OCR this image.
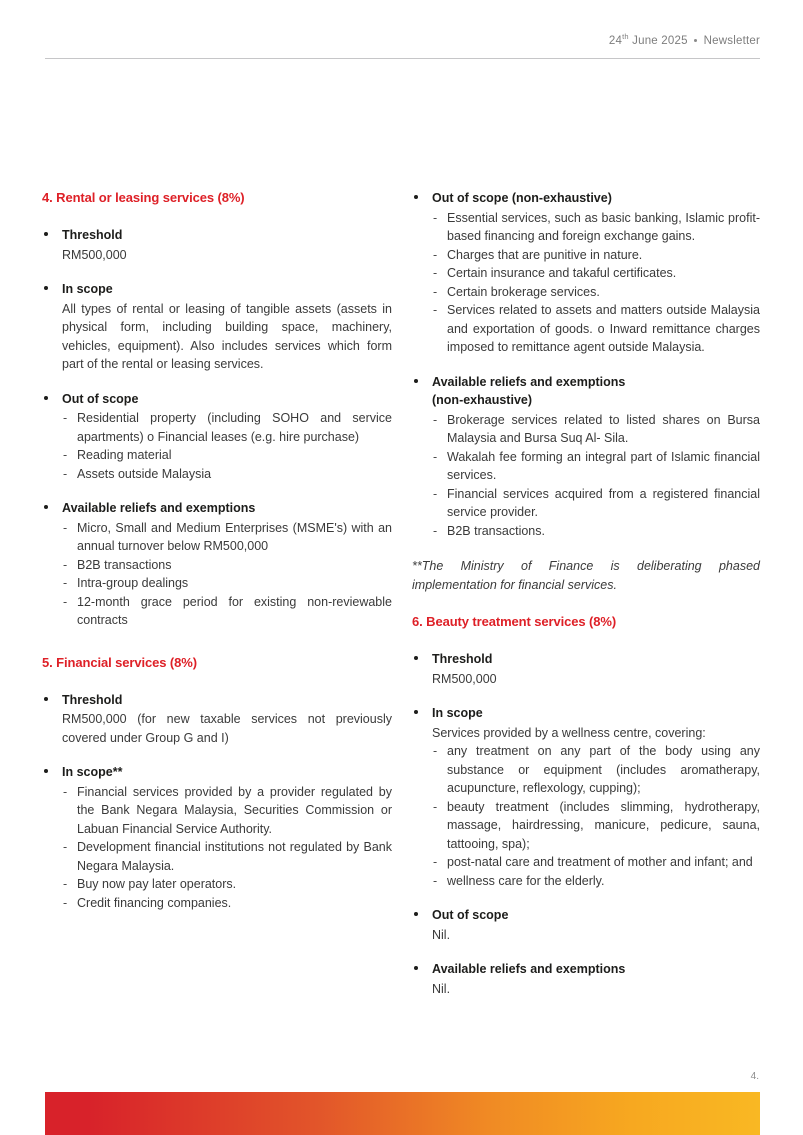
24th June 2025 Newsletter
4. Rental or leasing services (8%)
Threshold

RM500,000

In scope

All types of rental or leasing of tangible assets (assets in physical form, including building space, machinery, vehicles, equipment). Also includes services which form part of the rental or leasing services.

Out of scope
- Residential property (including SOHO and service apartments) o Financial leases (e.g. hire purchase)
- Reading material
- Assets outside Malaysia
Available reliefs and exemptions
- Micro, Small and Medium Enterprises (MSME's) with an annual turnover below RM500,000
- B2B transactions
- Intra-group dealings
- 12-month grace period for existing non-reviewable contracts
5. Financial services (8%)
Threshold

RM500,000 (for new taxable services not previously covered under Group G and I)

In scope**
- Financial services provided by a provider regulated by the Bank Negara Malaysia, Securities Commission or Labuan Financial Service Authority.
- Development financial institutions not regulated by Bank Negara Malaysia.
- Buy now pay later operators.
- Credit financing companies.
Out of scope (non-exhaustive)
- Essential services, such as basic banking, Islamic profit-based financing and foreign exchange gains.
- Charges that are punitive in nature.
- Certain insurance and takaful certificates.
- Certain brokerage services.
- Services related to assets and matters outside Malaysia and exportation of goods. o Inward remittance charges imposed to remittance agent outside Malaysia.
Available reliefs and exemptions
(non-exhaustive)
- Brokerage services related to listed shares on Bursa Malaysia and Bursa Suq Al- Sila.
- Wakalah fee forming an integral part of Islamic financial services.
- Financial services acquired from a registered financial service provider.
- B2B transactions.

**The Ministry of Finance is deliberating phased implementation for financial services.

6. Beauty treatment services (8%)
Threshold

RM500,000

In scope

Services provided by a wellness centre, covering:

- any treatment on any part of the body using any substance or equipment (includes aromatherapy, acupuncture, reflexology, cupping);
- beauty treatment (includes slimming, hydrotherapy, massage, hairdressing, manicure, pedicure, sauna, tattooing, spa);
- post-natal care and treatment of mother and infant; and
- wellness care for the elderly.
Out of scope

Nil.

Available reliefs and exemptions

Nil.

4.
